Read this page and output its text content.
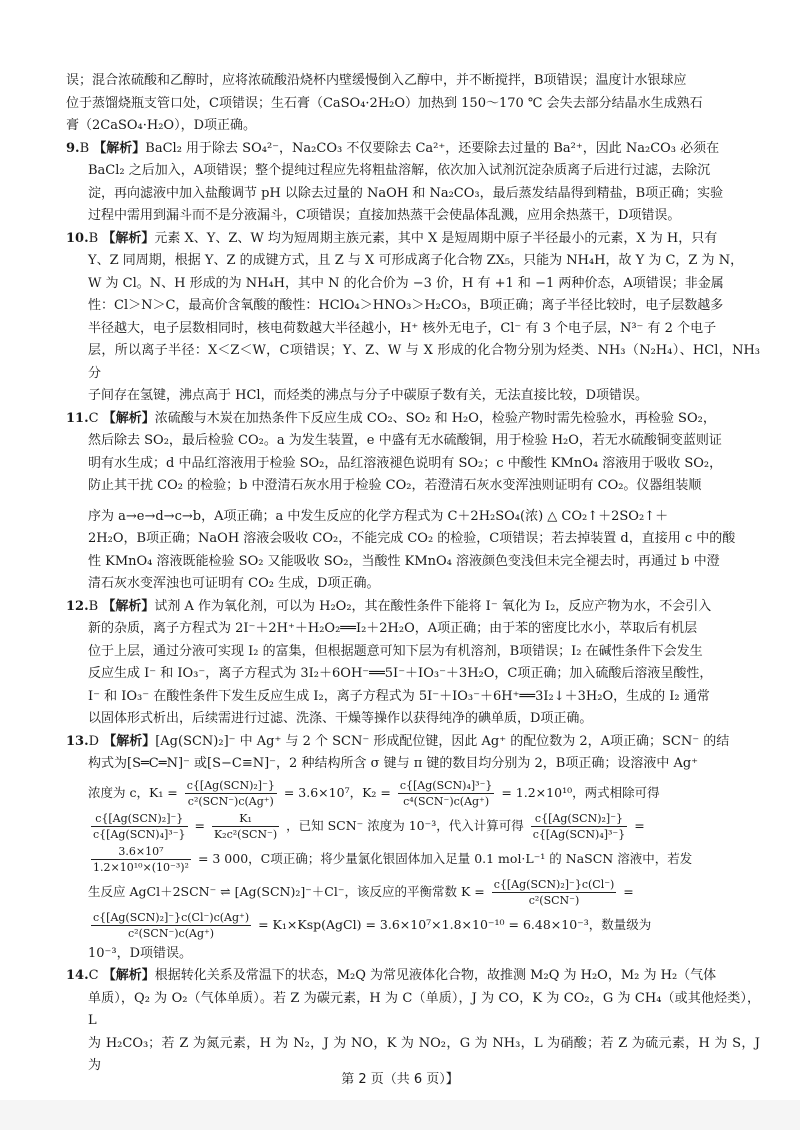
误；混合浓硫酸和乙醇时，应将浓硫酸沿烧杯内壁缓慢倒入乙醇中，并不断搅拌，B项错误；温度计水银球应

位于蒸馏烧瓶支管口处，C项错误；生石膏（CaSO₄·2H₂O）加热到 150～170 ℃ 会失去部分结晶水生成熟石

膏（2CaSO₄·H₂O），D项正确。

9.B 【解析】BaCl₂ 用于除去 SO₄²⁻，Na₂CO₃ 不仅要除去 Ca²⁺，还要除去过量的 Ba²⁺，因此 Na₂CO₃ 必须在

BaCl₂ 之后加入，A项错误；整个提纯过程应先将粗盐溶解，依次加入试剂沉淀杂质离子后进行过滤，去除沉

淀，再向滤液中加入盐酸调节 pH 以除去过量的 NaOH 和 Na₂CO₃，最后蒸发结晶得到精盐，B项正确；实验

过程中需用到漏斗而不是分液漏斗，C项错误；直接加热蒸干会使晶体乱溅，应用余热蒸干，D项错误。

10.B 【解析】元素 X、Y、Z、W 均为短周期主族元素，其中 X 是短周期中原子半径最小的元素，X 为 H，只有

Y、Z 同周期，根据 Y、Z 的成键方式，且 Z 与 X 可形成离子化合物 ZX₅，只能为 NH₄H，故 Y 为 C，Z 为 N，

W 为 Cl。N、H 形成的为 NH₄H，其中 N 的化合价为 −3 价，H 有 +1 和 −1 两种价态，A项错误；非金属

性：Cl＞N＞C，最高价含氧酸的酸性：HClO₄＞HNO₃＞H₂CO₃，B项正确；离子半径比较时，电子层数越多

半径越大，电子层数相同时，核电荷数越大半径越小，H⁺ 核外无电子，Cl⁻ 有 3 个电子层，N³⁻ 有 2 个电子

层，所以离子半径：X＜Z＜W，C项错误；Y、Z、W 与 X 形成的化合物分别为烃类、NH₃（N₂H₄）、HCl，NH₃ 分

子间存在氢键，沸点高于 HCl，而烃类的沸点与分子中碳原子数有关，无法直接比较，D项错误。

11.C 【解析】浓硫酸与木炭在加热条件下反应生成 CO₂、SO₂ 和 H₂O，检验产物时需先检验水，再检验 SO₂，

然后除去 SO₂，最后检验 CO₂。a 为发生装置，e 中盛有无水硫酸铜，用于检验 H₂O，若无水硫酸铜变蓝则证

明有水生成；d 中品红溶液用于检验 SO₂，品红溶液褪色说明有 SO₂；c 中酸性 KMnO₄ 溶液用于吸收 SO₂，

防止其干扰 CO₂ 的检验；b 中澄清石灰水用于检验 CO₂，若澄清石灰水变浑浊则证明有 CO₂。仪器组装顺

序为 a→e→d→c→b，A项正确；a 中发生反应的化学方程式为 C＋2H₂SO₄(浓) △ CO₂↑＋2SO₂↑＋

2H₂O，B项正确；NaOH 溶液会吸收 CO₂，不能完成 CO₂ 的检验，C项错误；若去掉装置 d，直接用 c 中的酸

性 KMnO₄ 溶液既能检验 SO₂ 又能吸收 SO₂，当酸性 KMnO₄ 溶液颜色变浅但未完全褪去时，再通过 b 中澄

清石灰水变浑浊也可证明有 CO₂ 生成，D项正确。

12.B 【解析】试剂 A 作为氧化剂，可以为 H₂O₂，其在酸性条件下能将 I⁻ 氧化为 I₂，反应产物为水，不会引入

新的杂质，离子方程式为 2I⁻＋2H⁺＋H₂O₂══I₂＋2H₂O，A项正确；由于苯的密度比水小，萃取后有机层

位于上层，通过分液可实现 I₂ 的富集，但根据题意可知下层为有机溶剂，B项错误；I₂ 在碱性条件下会发生

反应生成 I⁻ 和 IO₃⁻，离子方程式为 3I₂＋6OH⁻══5I⁻＋IO₃⁻＋3H₂O，C项正确；加入硫酸后溶液呈酸性，

I⁻ 和 IO₃⁻ 在酸性条件下发生反应生成 I₂，离子方程式为 5I⁻＋IO₃⁻＋6H⁺══3I₂↓＋3H₂O，生成的 I₂ 通常

以固体形式析出，后续需进行过滤、洗涤、干燥等操作以获得纯净的碘单质，D项正确。

13.D 【解析】[Ag(SCN)₂]⁻ 中 Ag⁺ 与 2 个 SCN⁻ 形成配位键，因此 Ag⁺ 的配位数为 2，A项正确；SCN⁻ 的结

构式为[S═C═N]⁻ 或[S−C≡N]⁻，2 种结构所含 σ 键与 π 键的数目均分别为 2，B项正确；设溶液中 Ag⁺

浓度为 c，$K_1 = \frac{\text{c\{[Ag(SCN)₂]⁻\}}}{\text{c²(SCN⁻)c(Ag⁺)}} = 3.6\times 10^7$，$K_2 = \frac{\text{c\{[Ag(SCN)₄]³⁻\}}}{\text{c⁴(SCN⁻)c(Ag⁺)}} = 1.2\times 10^{10}$，两式相除可得
$\frac{\text{c\{[Ag(SCN)₂]⁻\}}}{\text{c\{[Ag(SCN)₄]³⁻\}}} = \frac{\text{K₁}}{\text{K₂c²(SCN⁻)}}$ ，已知 SCN⁻ 浓度为 10⁻³，代入计算可得 $\frac{\text{c\{[Ag(SCN)₂]⁻\}}}{\text{c\{[Ag(SCN)₄]³⁻\}}}$ =
$\frac{\text{3.6×10⁷}}{\text{1.2×10¹⁰×(10⁻³)²}} = 3$ 000，C项正确；将少量氯化银固体加入足量 0.1 mol·L⁻¹ 的 NaSCN 溶液中，若发
生反应 AgCl＋2SCN⁻ ⇌ [Ag(SCN)₂]⁻＋Cl⁻，该反应的平衡常数 $K = \frac{\text{c\{[Ag(SCN)₂]⁻\}c(Cl⁻)}}{\text{c²(SCN⁻)}}$ =
$\frac{\text{c\{[Ag(SCN)₂]⁻\}c(Cl⁻)c(Ag⁺)}}{\text{c²(SCN⁻)c(Ag⁺)}}$ = K₁×Ksp(AgCl) = 3.6×10⁷×1.8×10⁻¹⁰ = 6.48×10⁻³，数量级为

10⁻³，D项错误。

14.C 【解析】根据转化关系及常温下的状态，M₂Q 为常见液体化合物，故推测 M₂Q 为 H₂O，M₂ 为 H₂（气体

单质），Q₂ 为 O₂（气体单质）。若 Z 为碳元素，H 为 C（单质），J 为 CO，K 为 CO₂，G 为 CH₄（或其他烃类），L

为 H₂CO₃；若 Z 为氮元素，H 为 N₂，J 为 NO，K 为 NO₂，G 为 NH₃，L 为硝酸；若 Z 为硫元素，H 为 S，J 为

第 2 页（共 6 页）】
